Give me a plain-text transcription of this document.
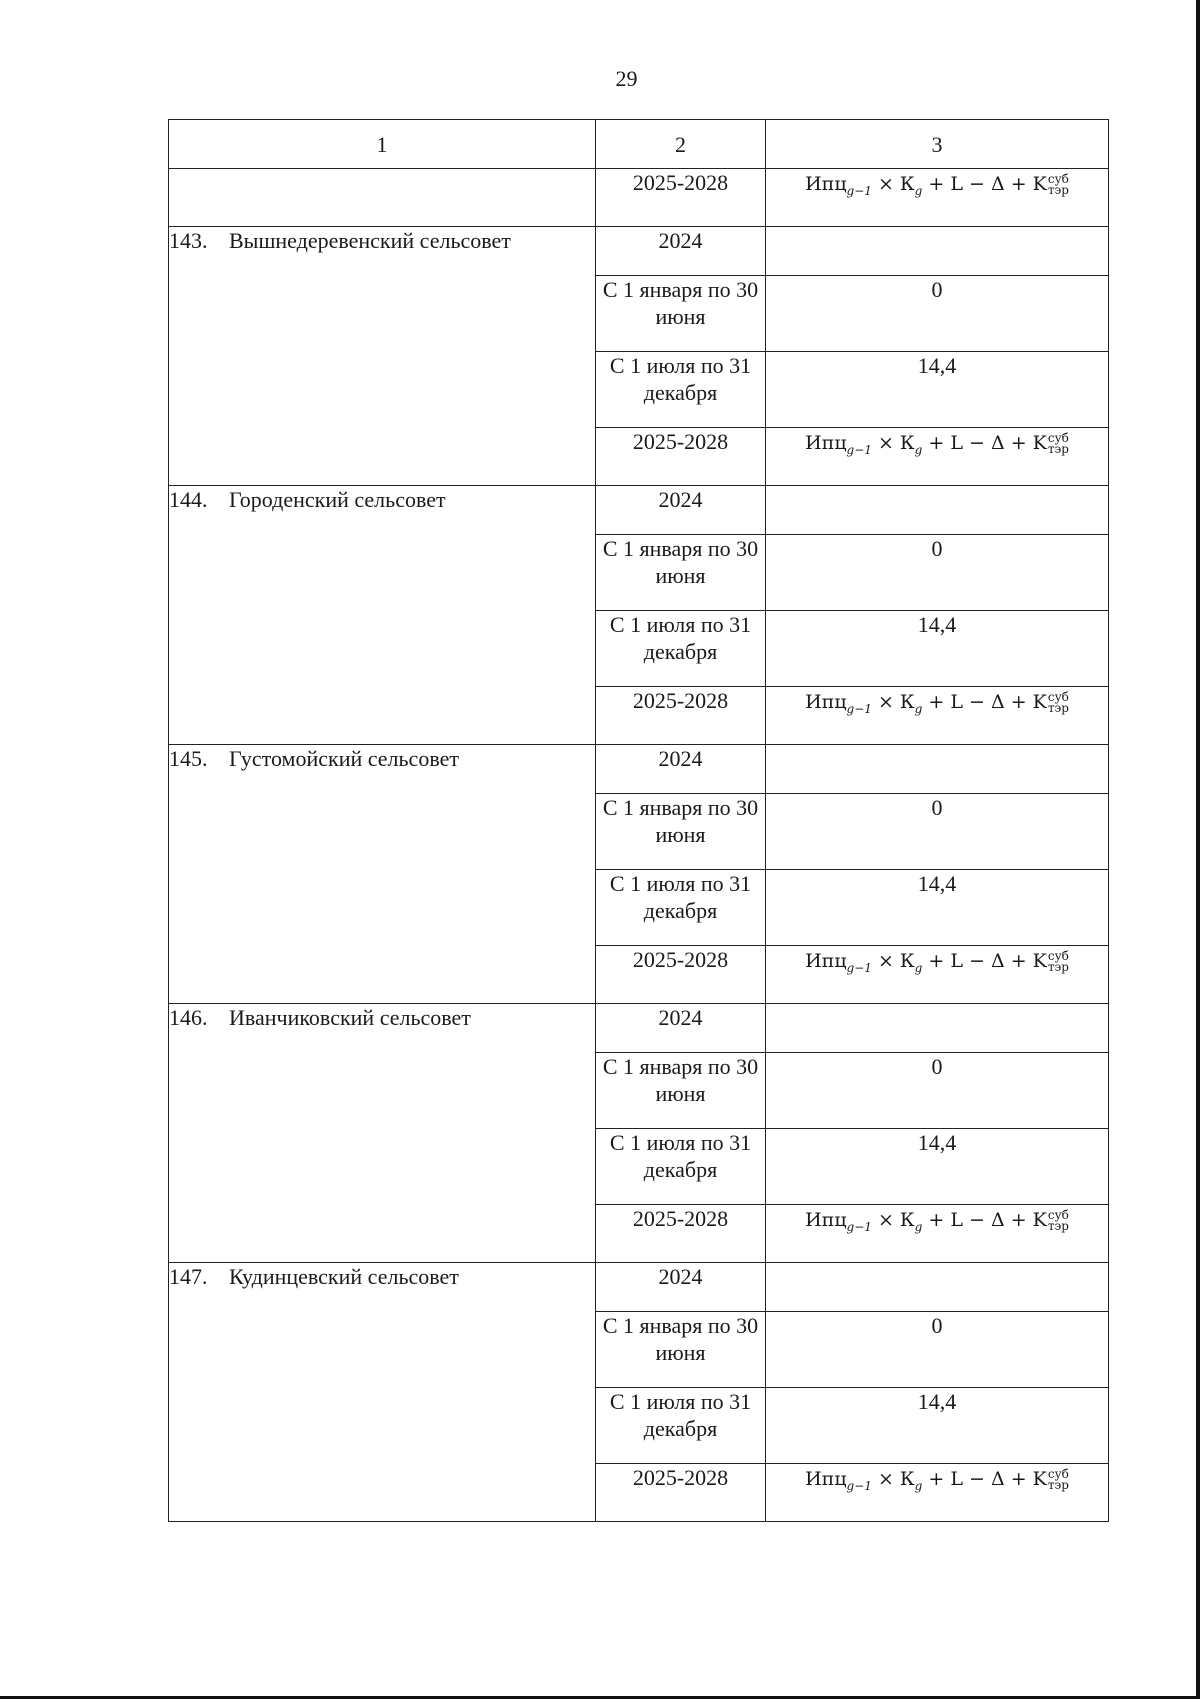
29
1	2	3
	2025-2028	$Ипц_{g-1} \times К_g + L - \Delta + K$ суб
тэр

143. Вышнедеревенский сельсовет	2024	
	С 1 января по 30 июня	0
	С 1 июля по 31 декабря	14,4
	2025-2028	$Ипц_{g-1} \times К_g + L - \Delta + K$ суб
тэр

144. Городенский сельсовет	2024	
	С 1 января по 30 июня	0
	С 1 июля по 31 декабря	14,4
	2025-2028	$Ипц_{g-1} \times К_g + L - \Delta + K$ суб
тэр

145. Густомойский сельсовет	2024	
	С 1 января по 30 июня	0
	С 1 июля по 31 декабря	14,4
	2025-2028	$Ипц_{g-1} \times К_g + L - \Delta + K$ суб
тэр

146. Иванчиковский сельсовет	2024	
	С 1 января по 30 июня	0
	С 1 июля по 31 декабря	14,4
	2025-2028	$Ипц_{g-1} \times К_g + L - \Delta + K$ суб
тэр

147. Кудинцевский сельсовет	2024	
	С 1 января по 30 июня	0
	С 1 июля по 31 декабря	14,4
	2025-2028	$Ипц_{g-1} \times К_g + L - \Delta + K$ суб
тэр
